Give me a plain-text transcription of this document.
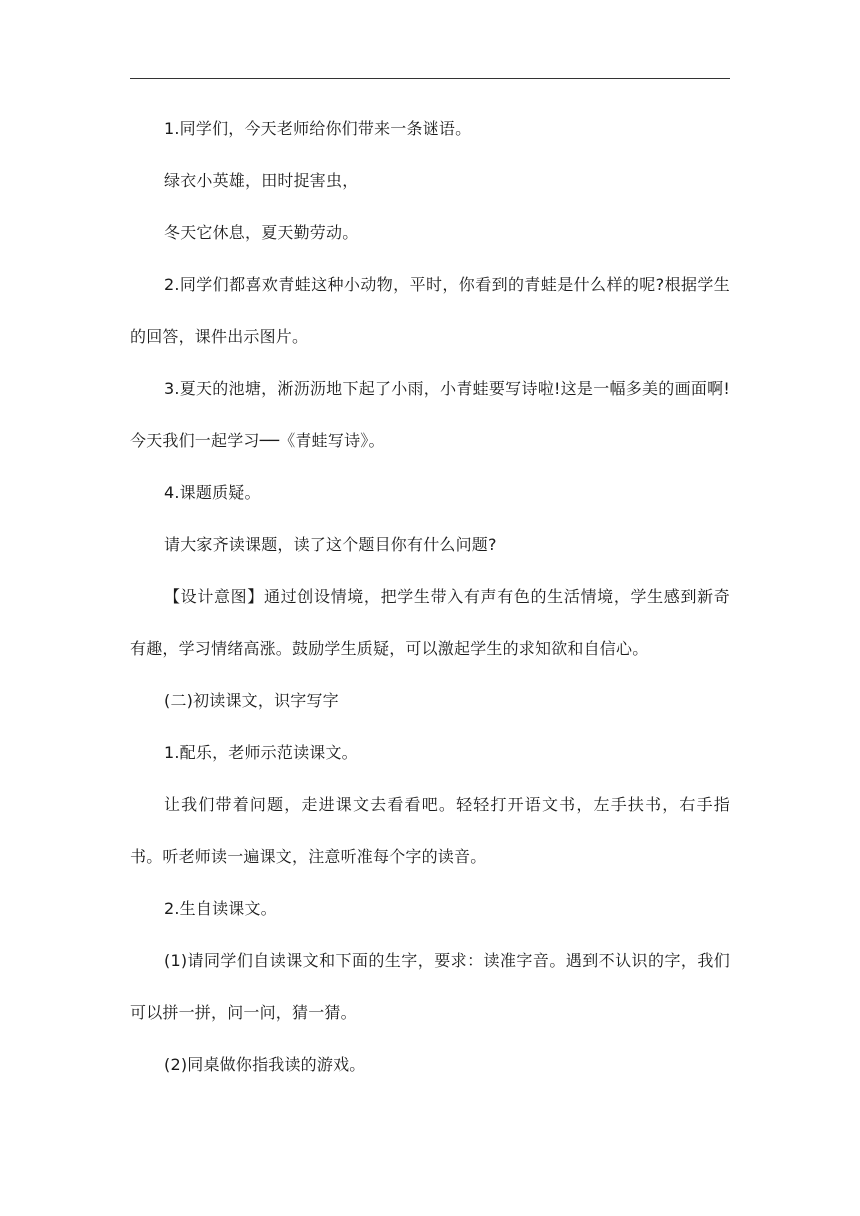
1.同学们，今天老师给你们带来一条谜语。

绿衣小英雄，田时捉害虫，

冬天它休息，夏天勤劳动。

2.同学们都喜欢青蛙这种小动物，平时，你看到的青蛙是什么样的呢?根据学生的回答，课件出示图片。

3.夏天的池塘，淅沥沥地下起了小雨，小青蛙要写诗啦!这是一幅多美的画面啊!今天我们一起学习──《青蛙写诗》。

4.课题质疑。

请大家齐读课题，读了这个题目你有什么问题?

【设计意图】通过创设情境，把学生带入有声有色的生活情境，学生感到新奇有趣，学习情绪高涨。鼓励学生质疑，可以激起学生的求知欲和自信心。

(二)初读课文，识字写字

1.配乐，老师示范读课文。

让我们带着问题，走进课文去看看吧。轻轻打开语文书，左手扶书，右手指书。听老师读一遍课文，注意听准每个字的读音。

2.生自读课文。

(1)请同学们自读课文和下面的生字，要求：读准字音。遇到不认识的字，我们可以拼一拼，问一问，猜一猜。

(2)同桌做你指我读的游戏。
